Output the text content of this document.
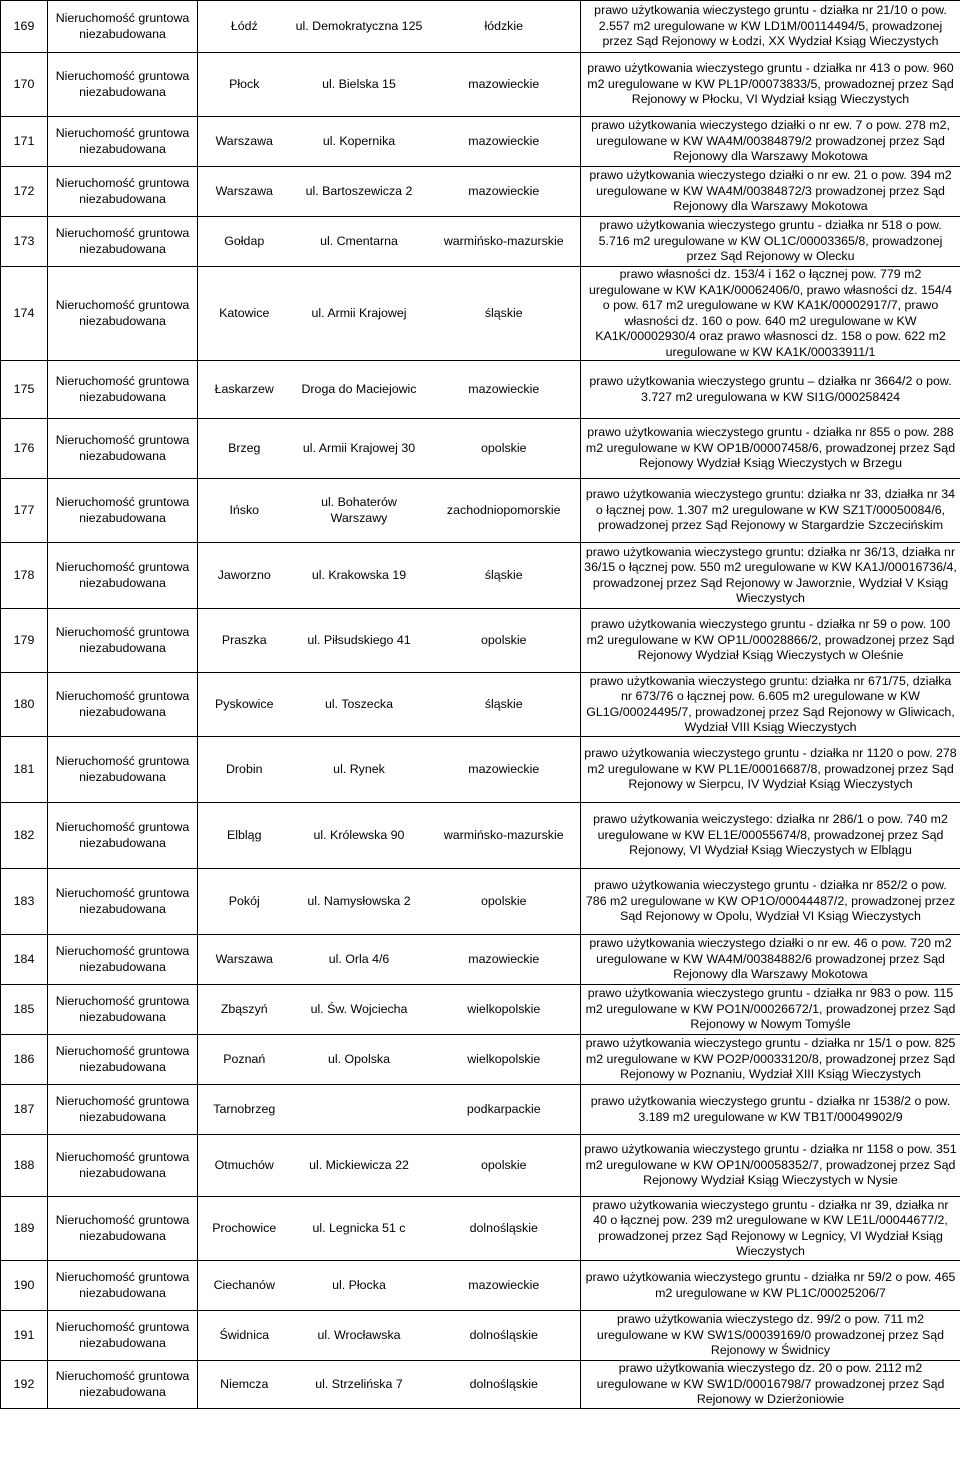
169	Nieruchomość gruntowa niezabudowana	Łódź	ul. Demokratyczna 125	łódzkie	prawo użytkowania wieczystego gruntu - działka nr 21/10 o pow. 2.557 m2 uregulowane w KW LD1M/00114494/5, prowadzonej przez Sąd Rejonowy w Łodzi, XX Wydział Ksiąg Wieczystych
170	Nieruchomość gruntowa niezabudowana	Płock	ul. Bielska 15	mazowieckie	prawo użytkowania wieczystego gruntu - działka nr 413 o pow. 960 m2 uregulowane w KW PL1P/00073833/5, prowadoznej przez Sąd Rejonowy w Płocku, VI Wydział ksiąg Wieczystych
171	Nieruchomość gruntowa niezabudowana	Warszawa	ul. Kopernika	mazowieckie	prawo użytkowania wieczystego działki o nr ew. 7 o pow. 278 m2, uregulowane w KW WA4M/00384879/2 prowadzonej przez Sąd Rejonowy dla Warszawy Mokotowa
172	Nieruchomość gruntowa niezabudowana	Warszawa	ul. Bartoszewicza 2	mazowieckie	prawo użytkowania wieczystego działki o nr ew. 21 o pow. 394 m2 uregulowane w KW WA4M/00384872/3 prowadzonej przez Sąd Rejonowy dla Warszawy Mokotowa
173	Nieruchomość gruntowa niezabudowana	Gołdap	ul. Cmentarna	warmińsko-mazurskie	prawo użytkowania wieczystego gruntu - działka nr 518 o pow. 5.716 m2 uregulowane w KW OL1C/00003365/8, prowadzonej przez Sąd Rejonowy w Olecku
174	Nieruchomość gruntowa niezabudowana	Katowice	ul. Armii Krajowej	śląskie	prawo własności dz. 153/4 i 162 o łącznej pow. 779 m2 uregulowane w KW KA1K/00062406/0, prawo własności dz. 154/4 o pow. 617 m2 uregulowane w KW KA1K/00002917/7, prawo własności dz. 160 o pow. 640 m2 uregulowane w KW KA1K/00002930/4 oraz prawo własnosci dz. 158 o pow. 622 m2 uregulowane w KW KA1K/00033911/1
175	Nieruchomość gruntowa niezabudowana	Łaskarzew	Droga do Maciejowic	mazowieckie	prawo użytkowania wieczystego gruntu – działka nr 3664/2 o pow. 3.727 m2 uregulowana w KW SI1G/000258424
176	Nieruchomość gruntowa niezabudowana	Brzeg	ul. Armii Krajowej 30	opolskie	prawo użytkowania wieczystego gruntu - działka nr 855 o pow. 288 m2 uregulowane w KW OP1B/00007458/6, prowadzonej przez Sąd Rejonowy Wydział Ksiąg Wieczystych w Brzegu
177	Nieruchomość gruntowa niezabudowana	Ińsko	ul. Bohaterów Warszawy	zachodniopomorskie	prawo użytkowania wieczystego gruntu: działka nr 33, działka nr 34 o łącznej pow. 1.307 m2 uregulowane w KW SZ1T/00050084/6, prowadzonej przez Sąd Rejonowy w Stargardzie Szczecińskim
178	Nieruchomość gruntowa niezabudowana	Jaworzno	ul. Krakowska 19	śląskie	prawo użytkowania wieczystego gruntu: działka nr 36/13, działka nr 36/15 o łącznej pow. 550 m2 uregulowane w KW KA1J/00016736/4, prowadzonej przez Sąd Rejonowy w Jaworznie, Wydział V Ksiąg Wieczystych
179	Nieruchomość gruntowa niezabudowana	Praszka	ul. Piłsudskiego 41	opolskie	prawo użytkowania wieczystego gruntu - działka nr 59 o pow. 100 m2 uregulowane w KW OP1L/00028866/2, prowadzonej przez Sąd Rejonowy Wydział Ksiąg Wieczystych w Oleśnie
180	Nieruchomość gruntowa niezabudowana	Pyskowice	ul. Toszecka	śląskie	prawo użytkowania wieczystego gruntu: działka nr 671/75, działka nr 673/76 o łącznej pow. 6.605 m2 uregulowane w KW GL1G/00024495/7, prowadzonej przez Sąd Rejonowy w Gliwicach, Wydział VIII Ksiąg Wieczystych
181	Nieruchomość gruntowa niezabudowana	Drobin	ul. Rynek	mazowieckie	prawo użytkowania wieczystego gruntu - działka nr 1120 o pow. 278 m2 uregulowane w KW PL1E/00016687/8, prowadzonej przez Sąd Rejonowy w Sierpcu, IV Wydział Ksiąg Wieczystych
182	Nieruchomość gruntowa niezabudowana	Elbląg	ul. Królewska 90	warmińsko-mazurskie	prawo użytkowania weiczystego: działka nr 286/1 o pow. 740 m2 uregulowane w KW EL1E/00055674/8, prowadzonej przez Sąd Rejonowy, VI Wydział Ksiąg Wieczystych w Elblągu
183	Nieruchomość gruntowa niezabudowana	Pokój	ul. Namysłowska 2	opolskie	prawo użytkowania wieczystego gruntu - działka nr 852/2 o pow. 786 m2 uregulowane w KW OP1O/00044487/2, prowadzonej przez Sąd Rejonowy w Opolu, Wydział VI Ksiąg Wieczystych
184	Nieruchomość gruntowa niezabudowana	Warszawa	ul. Orla 4/6	mazowieckie	prawo użytkowania wieczystego działki o nr ew. 46 o pow. 720 m2 uregulowane w KW WA4M/00384882/6 prowadzonej przez Sąd Rejonowy dla Warszawy Mokotowa
185	Nieruchomość gruntowa niezabudowana	Zbąszyń	ul. Św. Wojciecha	wielkopolskie	prawo użytkowania wieczystego gruntu - działka nr 983 o pow. 115 m2 uregulowane w KW PO1N/00026672/1, prowadzonej przez Sąd Rejonowy w Nowym Tomyśle
186	Nieruchomość gruntowa niezabudowana	Poznań	ul. Opolska	wielkopolskie	prawo użytkowania wieczystego gruntu - działka nr 15/1 o pow. 825 m2 uregulowane w KW PO2P/00033120/8, prowadzonej przez Sąd Rejonowy w Poznaniu, Wydział XIII Ksiąg Wieczystych
187	Nieruchomość gruntowa niezabudowana	Tarnobrzeg		podkarpackie	prawo użytkowania wieczystego gruntu - działka nr 1538/2 o pow. 3.189 m2 uregulowane w KW TB1T/00049902/9
188	Nieruchomość gruntowa niezabudowana	Otmuchów	ul. Mickiewicza 22	opolskie	prawo użytkowania wieczystego gruntu - działka nr 1158 o pow. 351 m2 uregulowane w KW OP1N/00058352/7, prowadzonej przez Sąd Rejonowy Wydział Ksiąg Wieczystych w Nysie
189	Nieruchomość gruntowa niezabudowana	Prochowice	ul. Legnicka 51 c	dolnośląskie	prawo użytkowania wieczystego gruntu - działka nr 39, działka nr 40 o łącznej pow. 239 m2 uregulowane w KW LE1L/00044677/2, prowadzonej przez Sąd Rejonowy w Legnicy, VI Wydział Ksiąg Wieczystych
190	Nieruchomość gruntowa niezabudowana	Ciechanów	ul. Płocka	mazowieckie	prawo użytkowania wieczystego gruntu - działka nr 59/2 o pow. 465 m2 uregulowane w KW PL1C/00025206/7
191	Nieruchomość gruntowa niezabudowana	Świdnica	ul. Wrocławska	dolnośląskie	prawo użytkowania wieczystego dz. 99/2 o pow. 711 m2 uregulowane w KW SW1S/00039169/0 prowadzonej przez Sąd Rejonowy w Świdnicy
192	Nieruchomość gruntowa niezabudowana	Niemcza	ul. Strzelińska 7	dolnośląskie	prawo użytkowania wieczystego dz. 20 o pow. 2112 m2 uregulowane w KW SW1D/00016798/7 prowadzonej przez Sąd Rejonowy w Dzierżoniowie
